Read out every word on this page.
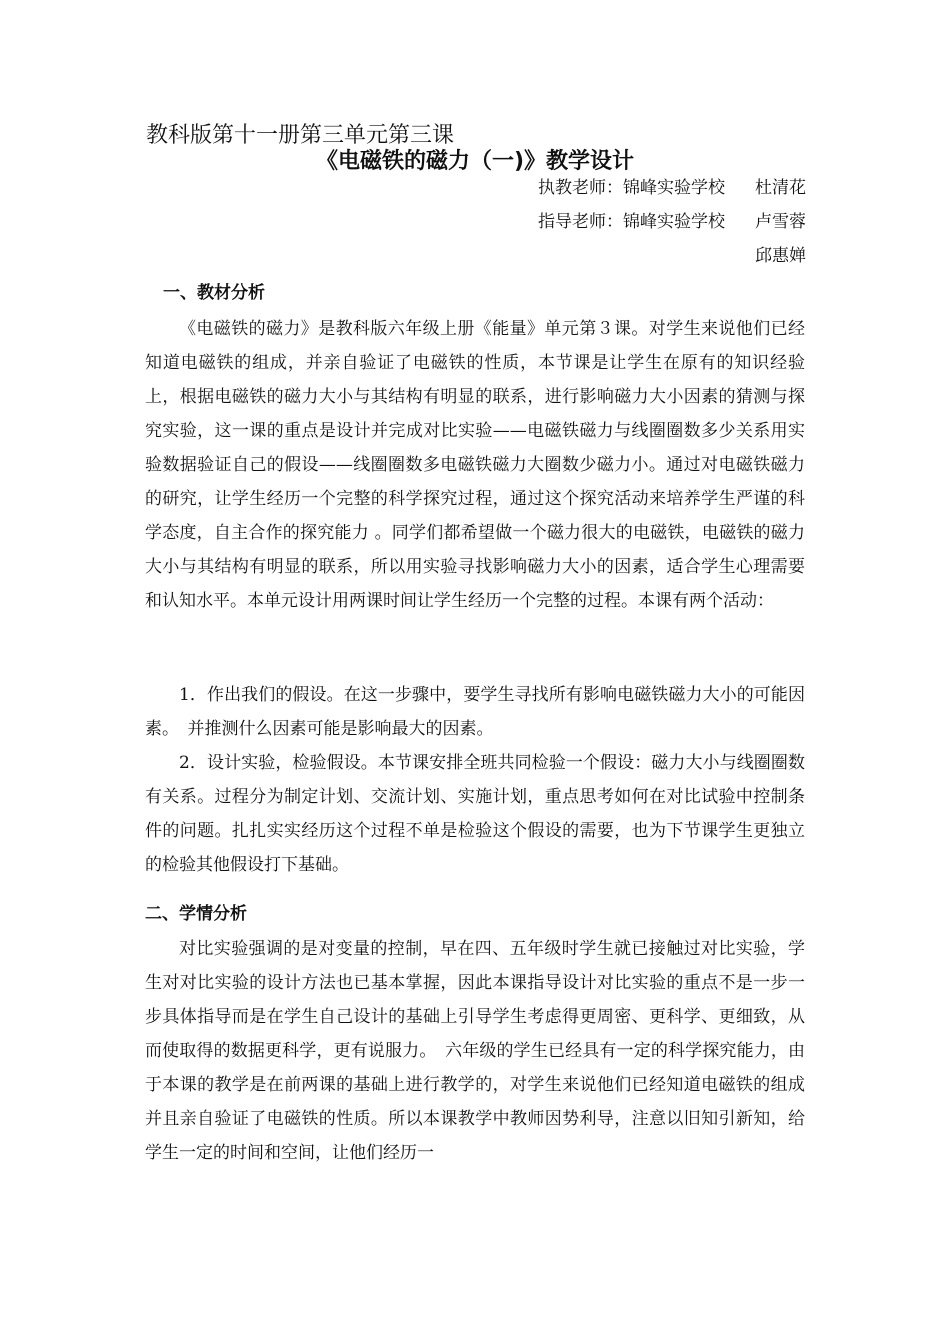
教科版第十一册第三单元第三课
《电磁铁的磁力（一)》教学设计
执教老师：锦峰实验学校 杜清花
指导老师：锦峰实验学校 卢雪蓉
邱惠婵
一、教材分析

《电磁铁的磁力》是教科版六年级上册《能量》单元第３课。对学生来说他们已经知道电磁铁的组成，并亲自验证了电磁铁的性质，本节课是让学生在原有的知识经验上，根据电磁铁的磁力大小与其结构有明显的联系，进行影响磁力大小因素的猜测与探究实验，这一课的重点是设计并完成对比实验——电磁铁磁力与线圈圈数多少关系用实验数据验证自己的假设——线圈圈数多电磁铁磁力大圈数少磁力小。通过对电磁铁磁力的研究，让学生经历一个完整的科学探究过程，通过这个探究活动来培养学生严谨的科学态度，自主合作的探究能力 。同学们都希望做一个磁力很大的电磁铁，电磁铁的磁力大小与其结构有明显的联系，所以用实验寻找影响磁力大小的因素，适合学生心理需要和认知水平。本单元设计用两课时间让学生经历一个完整的过程。本课有两个活动：

1．作出我们的假设。在这一步骤中，要学生寻找所有影响电磁铁磁力大小的可能因素。　并推测什么因素可能是影响最大的因素。

2．设计实验，检验假设。本节课安排全班共同检验一个假设：磁力大小与线圈圈数有关系。过程分为制定计划、交流计划、实施计划，重点思考如何在对比试验中控制条件的问题。扎扎实实经历这个过程不单是检验这个假设的需要，也为下节课学生更独立的检验其他假设打下基础。

二、学情分析

对比实验强调的是对变量的控制，早在四、五年级时学生就已接触过对比实验，学生对对比实验的设计方法也已基本掌握，因此本课指导设计对比实验的重点不是一步一步具体指导而是在学生自己设计的基础上引导学生考虑得更周密、更科学、更细致，从而使取得的数据更科学，更有说服力。　六年级的学生已经具有一定的科学探究能力，由于本课的教学是在前两课的基础上进行教学的，对学生来说他们已经知道电磁铁的组成并且亲自验证了电磁铁的性质。所以本课教学中教师因势利导，注意以旧知引新知，给学生一定的时间和空间，让他们经历一
